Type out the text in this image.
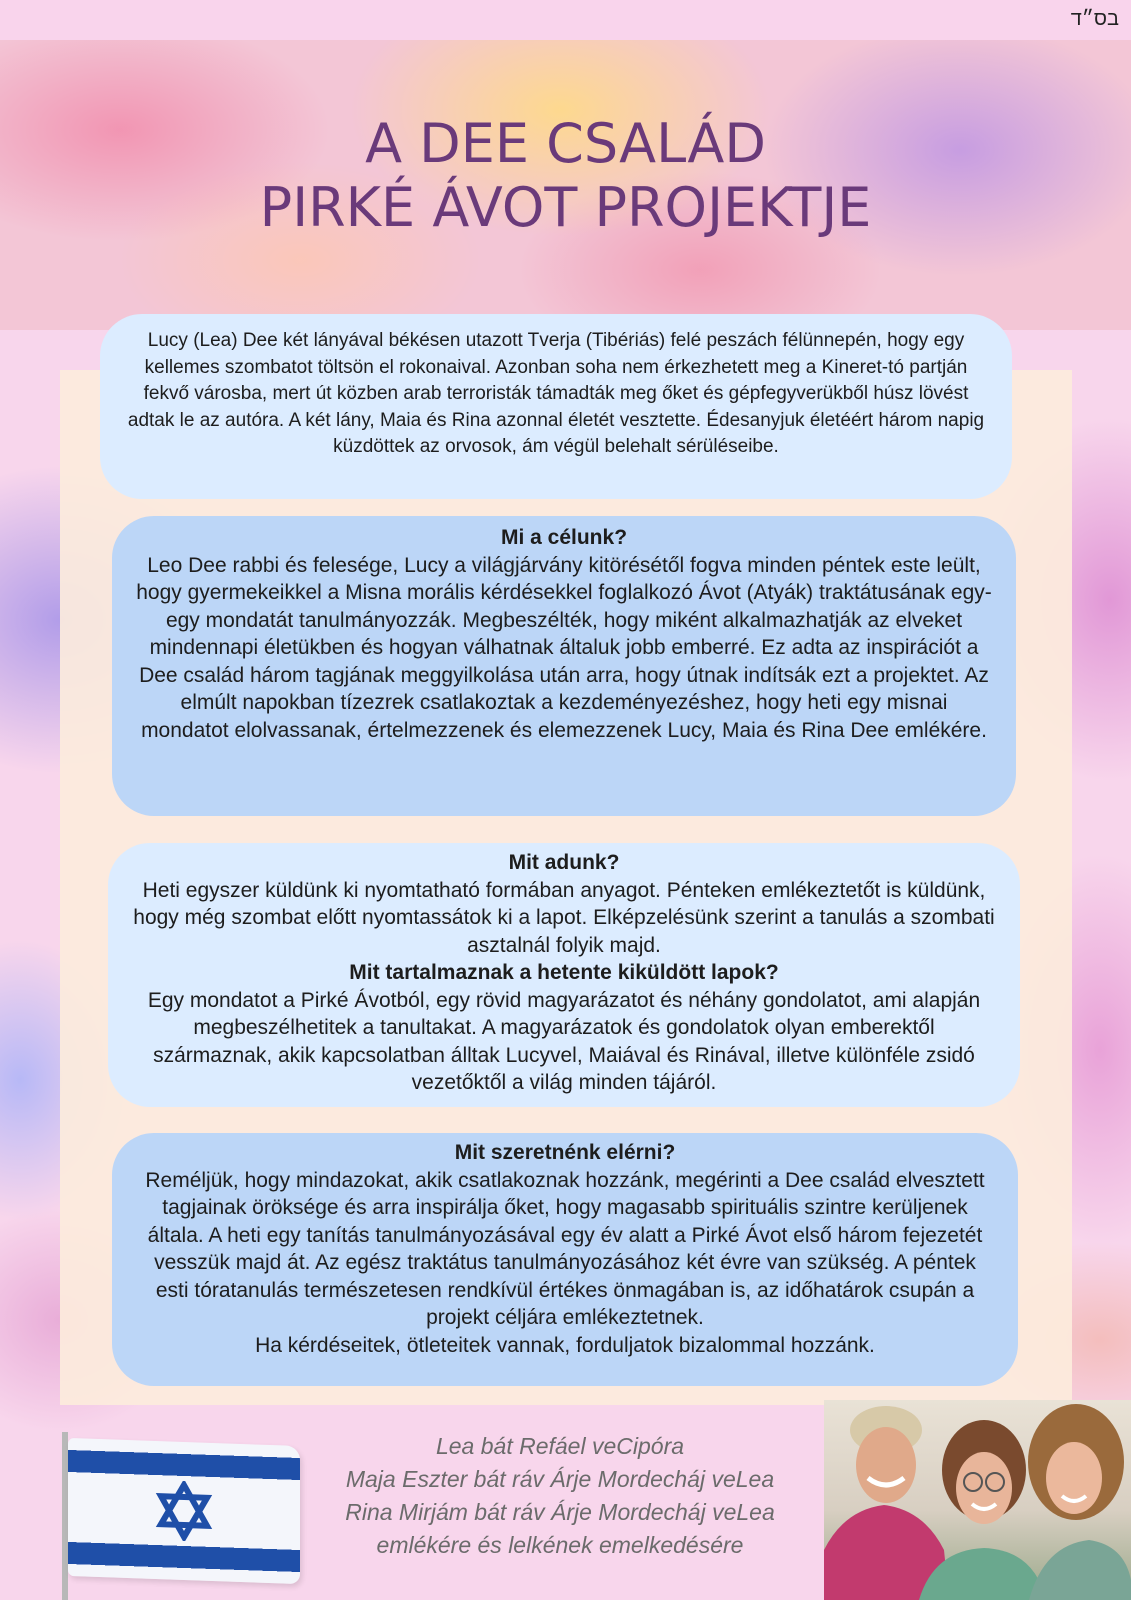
בס״ד
A DEE CSALÁD
PIRKÉ ÁVOT PROJEKTJE

Lucy (Lea) Dee két lányával békésen utazott Tverja (Tibériás) felé peszách félünnepén, hogy egy kellemes szombatot töltsön el rokonaival. Azonban soha nem érkezhetett meg a Kineret-tó partján fekvő városba, mert út közben arab terroristák támadták meg őket és gépfegyverükből húsz lövést adtak le az autóra. A két lány, Maia és Rina azonnal életét vesztette. Édesanyjuk életéért három napig küzdöttek az orvosok, ám végül belehalt sérüléseibe.

Mi a célunk?

Leo Dee rabbi és felesége, Lucy a világjárvány kitörésétől fogva minden péntek este leült, hogy gyermekeikkel a Misna morális kérdésekkel foglalkozó Ávot (Atyák) traktátusának egy-egy mondatát tanulmányozzák. Megbeszélték, hogy miként alkalmazhatják az elveket mindennapi életükben és hogyan válhatnak általuk jobb emberré. Ez adta az inspirációt a Dee család három tagjának meggyilkolása után arra, hogy útnak indítsák ezt a projektet. Az elmúlt napokban tízezrek csatlakoztak a kezdeményezéshez, hogy heti egy misnai mondatot elolvassanak, értelmezzenek és elemezzenek Lucy, Maia és Rina Dee emlékére.

Mit adunk?

Heti egyszer küldünk ki nyomtatható formában anyagot. Pénteken emlékeztetőt is küldünk, hogy még szombat előtt nyomtassátok ki a lapot. Elképzelésünk szerint a tanulás a szombati asztalnál folyik majd.

Mit tartalmaznak a hetente kiküldött lapok?

Egy mondatot a Pirké Ávotból, egy rövid magyarázatot és néhány gondolatot, ami alapján megbeszélhetitek a tanultakat. A magyarázatok és gondolatok olyan emberektől származnak, akik kapcsolatban álltak Lucyvel, Maiával és Rinával, illetve különféle zsidó vezetőktől a világ minden tájáról.

Mit szeretnénk elérni?

Reméljük, hogy mindazokat, akik csatlakoznak hozzánk, megérinti a Dee család elvesztett tagjainak öröksége és arra inspirálja őket, hogy magasabb spirituális szintre kerüljenek általa. A heti egy tanítás tanulmányozásával egy év alatt a Pirké Ávot első három fejezetét vesszük majd át. Az egész traktátus tanulmányozásához két évre van szükség. A péntek esti tóratanulás természetesen rendkívül értékes önmagában is, az időhatárok csupán a projekt céljára emlékeztetnek.

Ha kérdéseitek, ötleteitek vannak, forduljatok bizalommal hozzánk.

Lea bát Refáel veCipóra
Maja Eszter bát ráv Árje Mordecháj veLea
Rina Mirjám bát ráv Árje Mordecháj veLea
emlékére és lelkének emelkedésére
